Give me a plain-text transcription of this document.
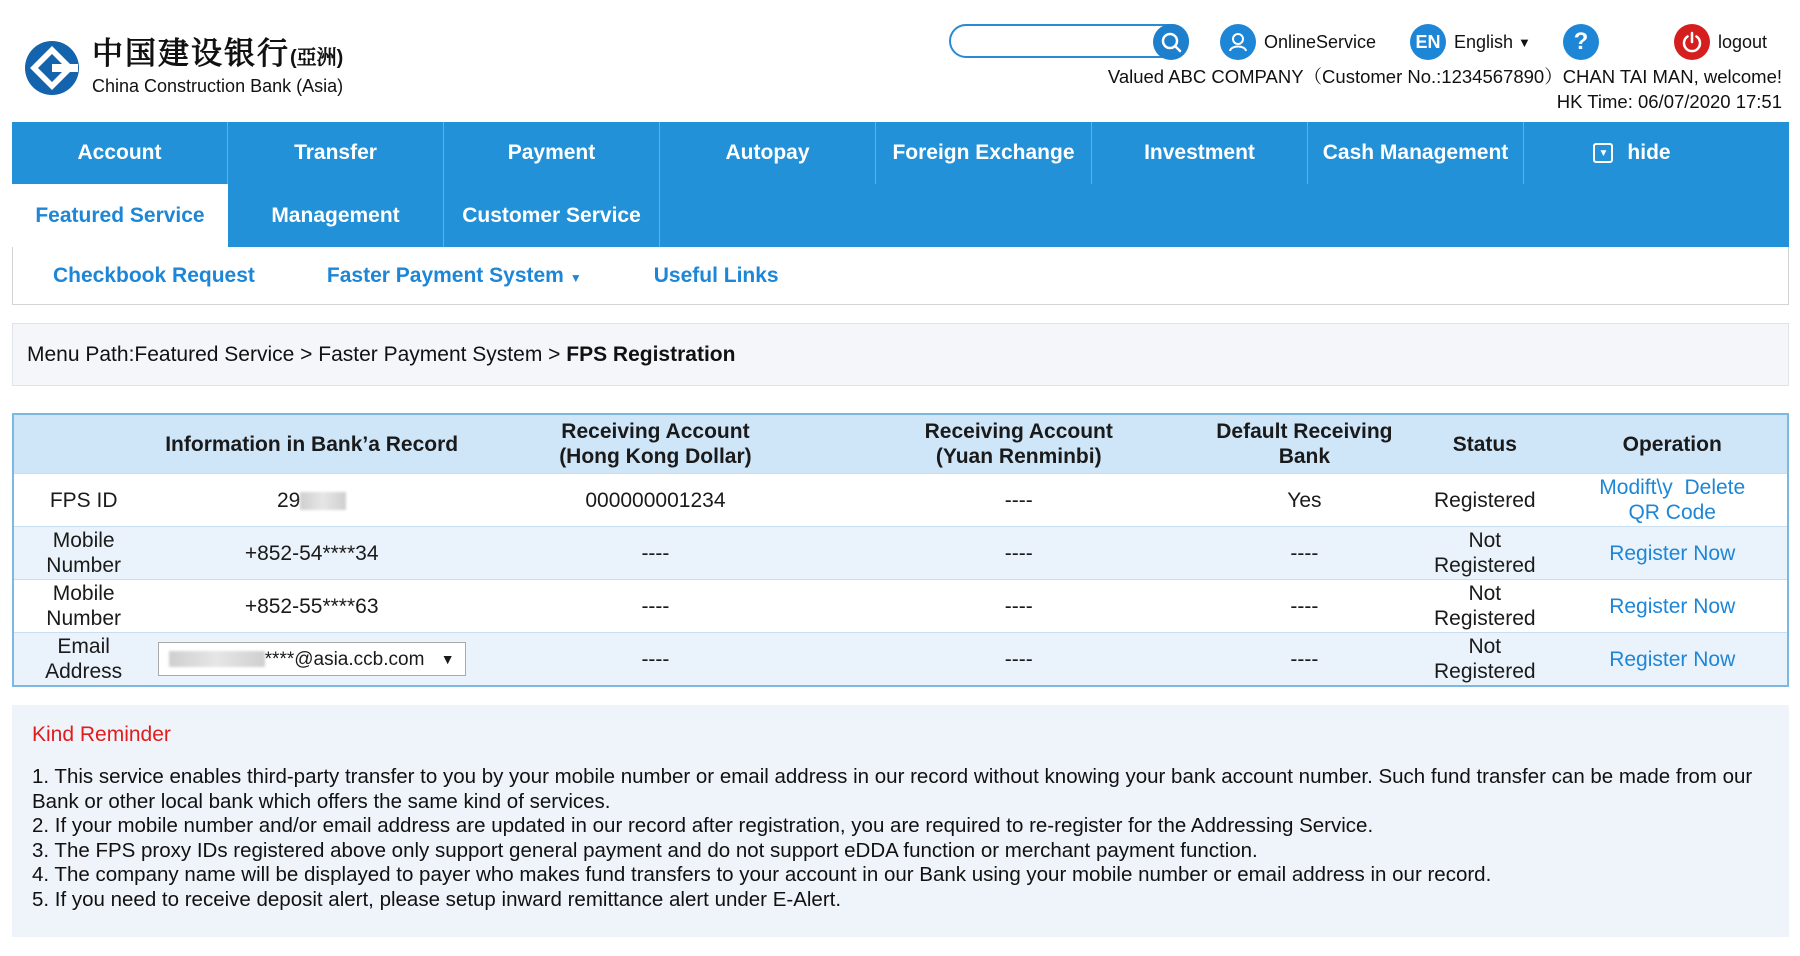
中国建设银行(亞洲)
China Construction Bank (Asia)
OnlineService	EN English ▼	?	logout
Valued ABC COMPANY（Customer No.:1234567890）CHAN TAI MAN, welcome!
HK Time: 06/07/2020 17:51
Account	Transfer	Payment	Autopay	Foreign Exchange	Investment	Cash Management	▼ hide
Featured Service	Management	Customer Service
Checkbook Request	Faster Payment System ▼	Useful Links
Menu Path:Featured Service > Faster Payment System > FPS Registration
	Information in Bank’a Record	Receiving Account
(Hong Kong Dollar)	Receiving Account
(Yuan Renminbi)	Default Receiving
Bank	Status	Operation
FPS ID	29	000000001234	----	Yes	Registered	Modift\y Delete
QR Code
Mobile
Number	+852-54****34	----	----	----	Not
Registered	Register Now
Mobile
Number	+852-55****63	----	----	----	Not
Registered	Register Now
Email
Address	****@asia.ccb.com ▼	----	----	----	Not
Registered	Register Now
Kind Reminder
1. This service enables third-party transfer to you by your mobile number or email address in our record without knowing your bank account number. Such fund transfer can be made from our Bank or other local bank which offers the same kind of services.
2. If your mobile number and/or email address are updated in our record after registration, you are required to re-register for the Addressing Service.
3. The FPS proxy IDs registered above only support general payment and do not support eDDA function or merchant payment function.
4. The company name will be displayed to payer who makes fund transfers to your account in our Bank using your mobile number or email address in our record.
5. If you need to receive deposit alert, please setup inward remittance alert under E-Alert.
